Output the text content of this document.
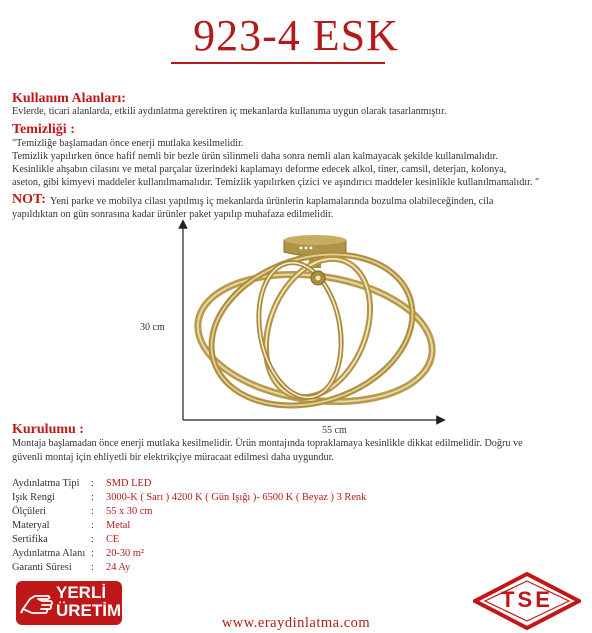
923-4 ESK
Kullanım Alanları:
Evlerde, ticari alanlarda, etkili aydınlatma gerektiren iç mekanlarda kullanıma uygun olarak tasarlanmıştır.
Temizliği :
"Temizliğe başlamadan önce enerji mutlaka kesilmelidir.
Temizlik yapılırken önce hafif nemli bir bezle ürün silinmeli daha sonra nemli alan kalmayacak şekilde kullanılmalıdır.
Kesinlikle ahşabın cilasını ve metal parçalar üzerindeki kaplamayı deforme edecek alkol, tiner, camsil, deterjan, kolonya,
aseton, gibi kimyevi maddeler kullanılmamalıdır. Temizlik yapılırken çizici ve aşındırıcı maddeler kesinlikle kullanılmamalıdır. "
NOT: Yeni parke ve mobilya cilası yapılmış iç mekanlarda ürünlerin kaplamalarında bozulma olabileceğinden, cila
yapıldıktan on gün sonrasına kadar ürünler paket yapılıp muhafaza edilmelidir.
30 cm
55 cm
Kurulumu :
Montaja başlamadan önce enerji mutlaka kesilmelidir. Ürün montajında topraklamaya kesinlikle dikkat edilmelidir. Doğru ve
güvenli montaj için ehliyetli bir elektrikçiye müracaat edilmesi daha uygundur.
Aydınlatma Tipi : SMD LED
Işık Rengi	: 3000-K ( Sarı ) 4200 K ( Gün Işığı )- 6500 K ( Beyaz ) 3 Renk
Ölçüleri	: 55 x 30 cm
Materyal	: Metal
Sertifika	: CE
Aydınlatma Alanı : 20-30 m²
Garanti Süresi : 24 Ay
YERLİ
ÜRETİM
www.eraydinlatma.com
TSE
